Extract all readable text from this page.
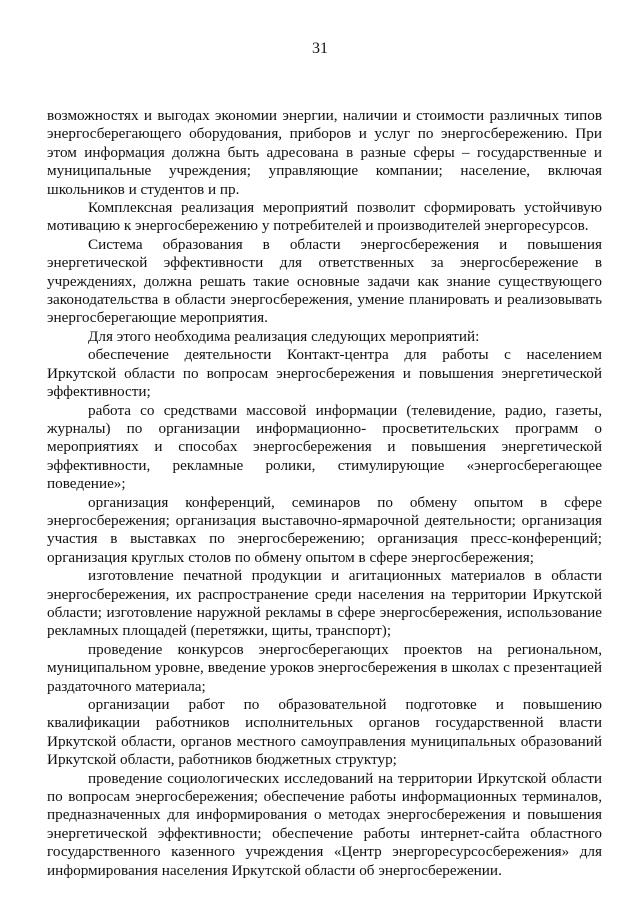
31

возможностях и выгодах экономии энергии, наличии и стоимости различных типов энергосберегающего оборудования, приборов и услуг по энергосбережению. При этом информация должна быть адресована в разные сферы – государственные и муниципальные учреждения; управляющие компании; население, включая школьников и студентов и пр.

Комплексная реализация мероприятий позволит сформировать устойчивую мотивацию к энергосбережению у потребителей и производителей энергоресурсов.

Система образования в области энергосбережения и повышения энергетической эффективности для ответственных за энергосбережение в учреждениях, должна решать такие основные задачи как знание существующего законодательства в области энергосбережения, умение планировать и реализовывать энергосберегающие мероприятия.

Для этого необходима реализация следующих мероприятий:

обеспечение деятельности Контакт-центра для работы с населением Иркутской области по вопросам энергосбережения и повышения энергетической эффективности;

работа со средствами массовой информации (телевидение, радио, газеты, журналы) по организации информационно- просветительских программ о мероприятиях и способах энергосбережения и повышения энергетической эффективности, рекламные ролики, стимулирующие «энергосберегающее поведение»;

организация конференций, семинаров по обмену опытом в сфере энергосбережения; организация выставочно-ярмарочной деятельности; организация участия в выставках по энергосбережению; организация пресс-конференций; организация круглых столов по обмену опытом в сфере энергосбережения;

изготовление печатной продукции и агитационных материалов в области энергосбережения, их распространение среди населения на территории Иркутской области; изготовление наружной рекламы в сфере энергосбережения, использование рекламных площадей (перетяжки, щиты, транспорт);

проведение конкурсов энергосберегающих проектов на региональном, муниципальном уровне, введение уроков энергосбережения в школах с презентацией раздаточного материала;

организации работ по образовательной подготовке и повышению квалификации работников исполнительных органов государственной власти Иркутской области, органов местного самоуправления муниципальных образований Иркутской области, работников бюджетных структур;

проведение социологических исследований на территории Иркутской области по вопросам энергосбережения; обеспечение работы информационных терминалов, предназначенных для информирования о методах энергосбережения и повышения энергетической эффективности; обеспечение работы интернет-сайта областного государственного казенного учреждения «Центр энергоресурсосбережения» для информирования населения Иркутской области об энергосбережении.
